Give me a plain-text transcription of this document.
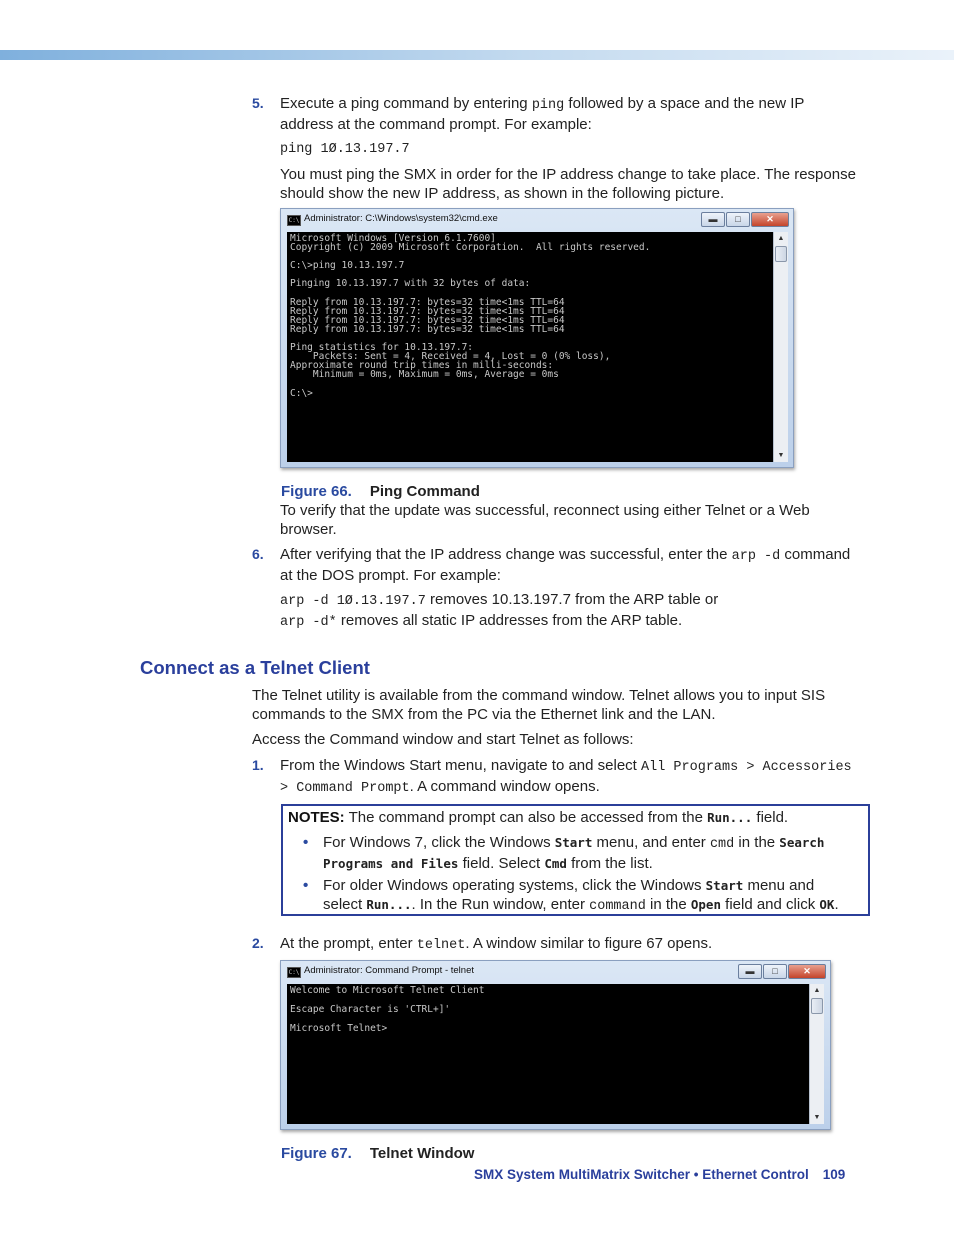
5. Execute a ping command by entering ping followed by a space and the new IP
address at the command prompt. For example:

ping 1Ø.13.197.7

You must ping the SMX in order for the IP address change to take place. The response
should show the new IP address, as shown in the following picture.

C:\ Administrator: C:\Windows\system32\cmd.exe	▬	□	✕
Microsoft Windows [Version 6.1.7600]
Copyright (c) 2009 Microsoft Corporation.  All rights reserved.

C:\>ping 10.13.197.7

Pinging 10.13.197.7 with 32 bytes of data:

Reply from 10.13.197.7: bytes=32 time<1ms TTL=64
Reply from 10.13.197.7: bytes=32 time<1ms TTL=64
Reply from 10.13.197.7: bytes=32 time<1ms TTL=64
Reply from 10.13.197.7: bytes=32 time<1ms TTL=64

Ping statistics for 10.13.197.7:
Packets: Sent = 4, Received = 4, Lost = 0 (0% loss),
Approximate round trip times in milli-seconds:
Minimum = 0ms, Maximum = 0ms, Average = 0ms

C:\>
▲
▼
Figure 66. Ping Command

To verify that the update was successful, reconnect using either Telnet or a Web
browser.

6. After verifying that the IP address change was successful, enter the arp -d command
at the DOS prompt. For example:

arp -d 1Ø.13.197.7 removes 10.13.197.7 from the ARP table or
arp -d* removes all static IP addresses from the ARP table.

Connect as a Telnet Client

The Telnet utility is available from the command window. Telnet allows you to input SIS
commands to the SMX from the PC via the Ethernet link and the LAN.

Access the Command window and start Telnet as follows:

1. From the Windows Start menu, navigate to and select All Programs > Accessories
> Command Prompt. A command window opens.

NOTES: The command prompt can also be accessed from the Run... field.

• For Windows 7, click the Windows Start menu, and enter cmd in the Search
Programs and Files field. Select Cmd from the list.
• For older Windows operating systems, click the Windows Start menu and
select Run.... In the Run window, enter command in the Open field and click OK.
2. At the prompt, enter telnet. A window similar to figure 67 opens.

C:\ Administrator: Command Prompt - telnet	▬	□	✕
Welcome to Microsoft Telnet Client

Escape Character is 'CTRL+]'

Microsoft Telnet>
▲
▼
Figure 67. Telnet Window
SMX System MultiMatrix Switcher • Ethernet Control 109
